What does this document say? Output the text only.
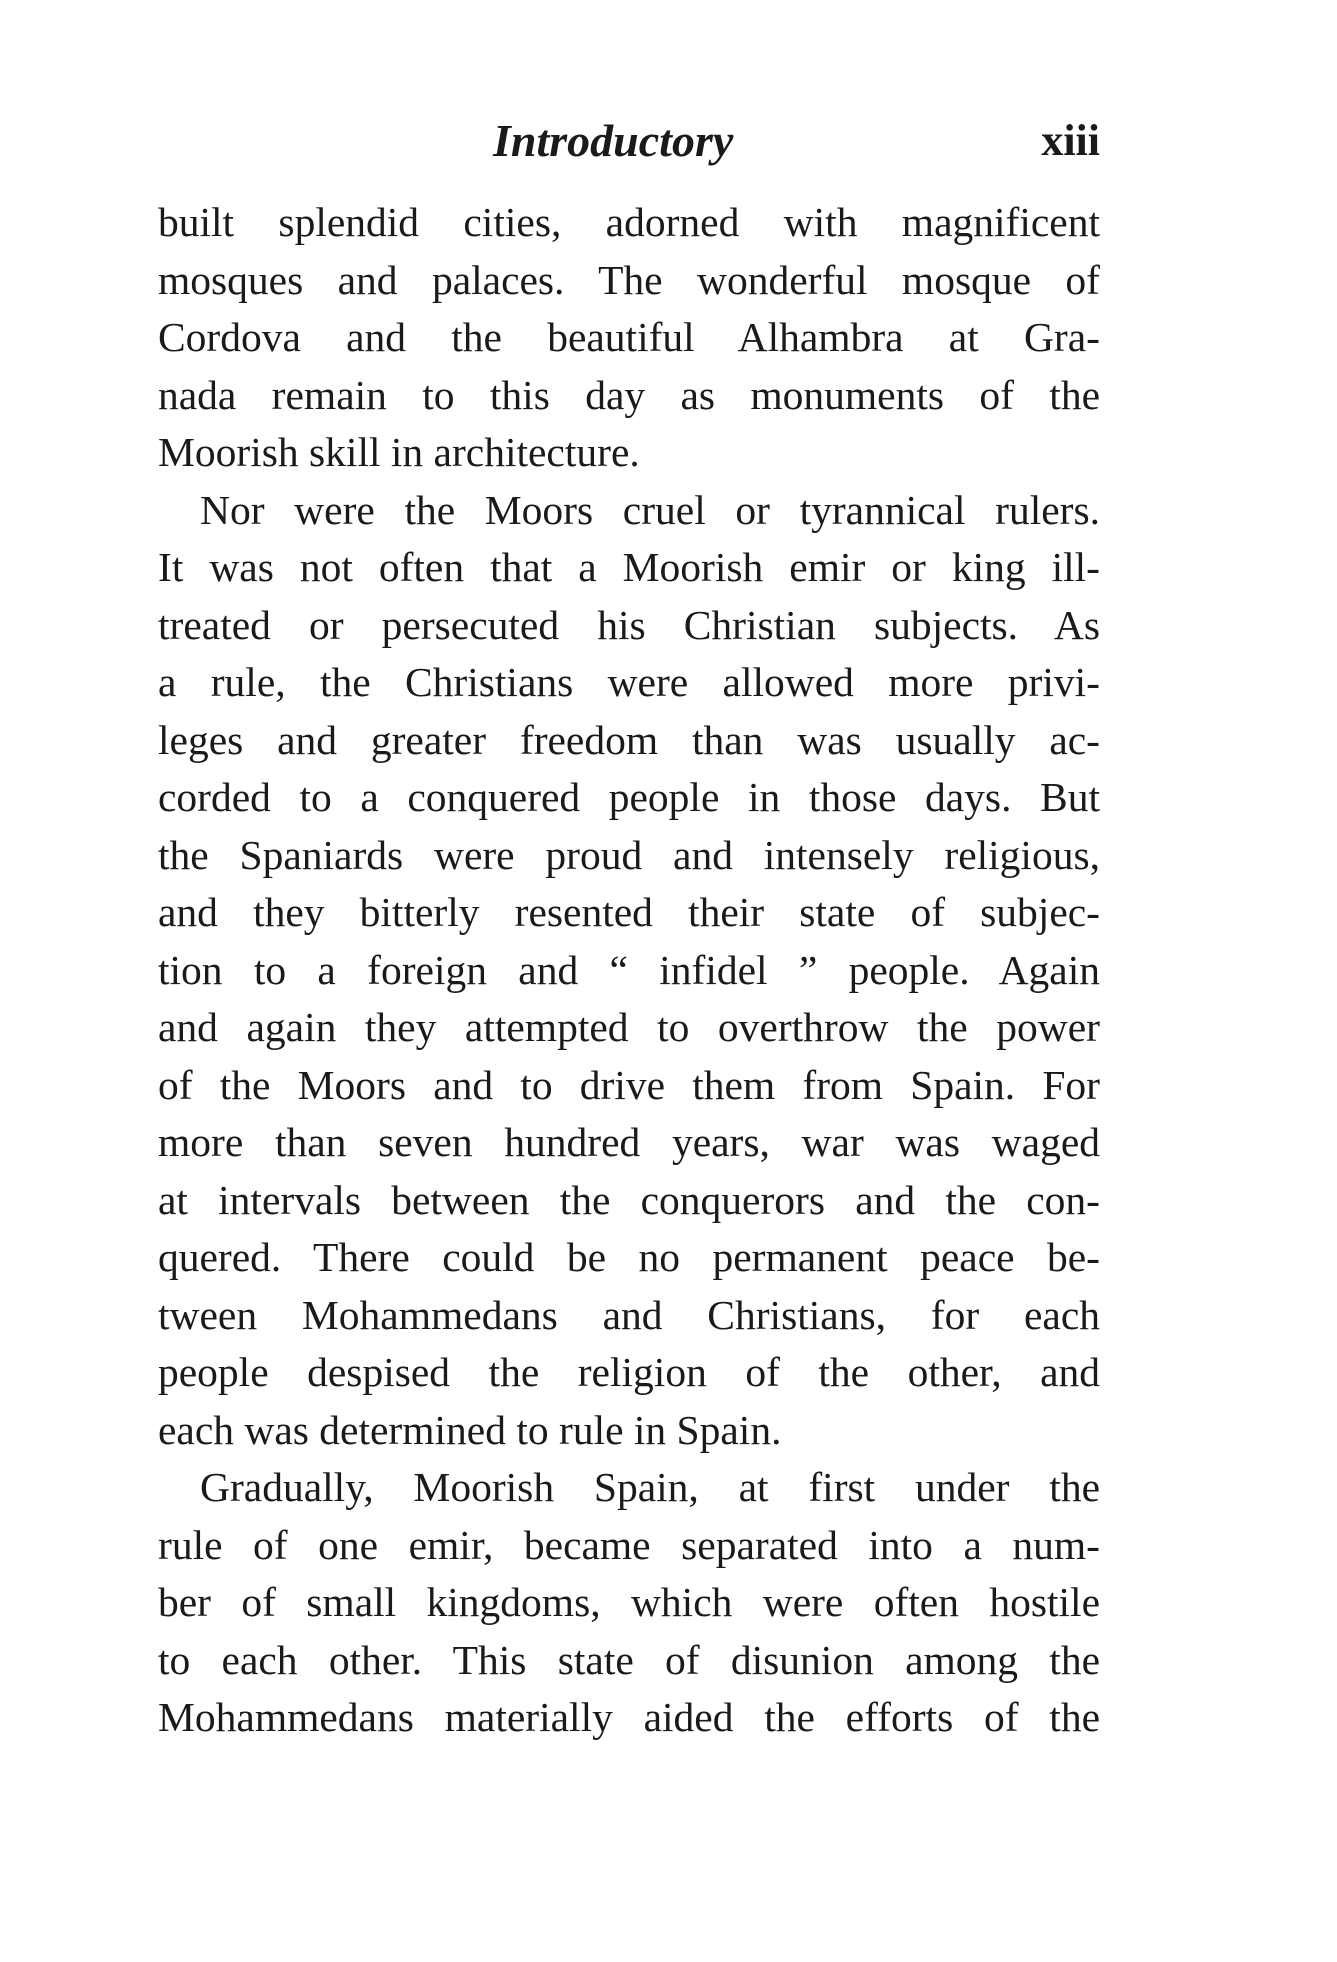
Introductory	xiii

built splendid cities, adorned with magnificent
mosques and palaces. The wonderful mosque of
Cordova and the beautiful Alhambra at Gra-
nada remain to this day as monuments of the
Moorish skill in architecture.

Nor were the Moors cruel or tyrannical rulers.
It was not often that a Moorish emir or king ill-
treated or persecuted his Christian subjects. As
a rule, the Christians were allowed more privi-
leges and greater freedom than was usually ac-
corded to a conquered people in those days. But
the Spaniards were proud and intensely religious,
and they bitterly resented their state of subjec-
tion to a foreign and “ infidel ” people. Again
and again they attempted to overthrow the power
of the Moors and to drive them from Spain. For
more than seven hundred years, war was waged
at intervals between the conquerors and the con-
quered. There could be no permanent peace be-
tween Mohammedans and Christians, for each
people despised the religion of the other, and
each was determined to rule in Spain.

Gradually, Moorish Spain, at first under the
rule of one emir, became separated into a num-
ber of small kingdoms, which were often hostile
to each other. This state of disunion among the
Mohammedans materially aided the efforts of the
